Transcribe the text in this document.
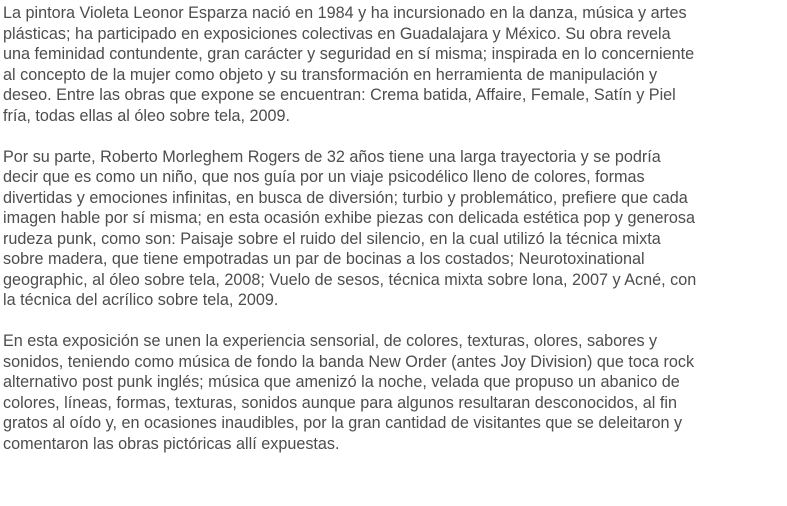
La pintora Violeta Leonor Esparza nació en 1984 y ha incursionado en la danza, música y artes
plásticas; ha participado en exposiciones colectivas en Guadalajara y México. Su obra revela
una feminidad contundente, gran carácter y seguridad en sí misma; inspirada en lo concerniente
al concepto de la mujer como objeto y su transformación en herramienta de manipulación y
deseo. Entre las obras que expone se encuentran: Crema batida, Affaire, Female, Satín y Piel
fría, todas ellas al óleo sobre tela, 2009.

Por su parte, Roberto Morleghem Rogers de 32 años tiene una larga trayectoria y se podría
decir que es como un niño, que nos guía por un viaje psicodélico lleno de colores, formas
divertidas y emociones infinitas, en busca de diversión; turbio y problemático, prefiere que cada
imagen hable por sí misma; en esta ocasión exhibe piezas con delicada estética pop y generosa
rudeza punk, como son: Paisaje sobre el ruido del silencio, en la cual utilizó la técnica mixta
sobre madera, que tiene empotradas un par de bocinas a los costados; Neurotoxinational
geographic, al óleo sobre tela, 2008; Vuelo de sesos, técnica mixta sobre lona, 2007 y Acné, con
la técnica del acrílico sobre tela, 2009.

En esta exposición se unen la experiencia sensorial, de colores, texturas, olores, sabores y
sonidos, teniendo como música de fondo la banda New Order (antes Joy Division) que toca rock
alternativo post punk inglés; música que amenizó la noche, velada que propuso un abanico de
colores, líneas, formas, texturas, sonidos aunque para algunos resultaran desconocidos, al fin
gratos al oído y, en ocasiones inaudibles, por la gran cantidad de visitantes que se deleitaron y
comentaron las obras pictóricas allí expuestas.
